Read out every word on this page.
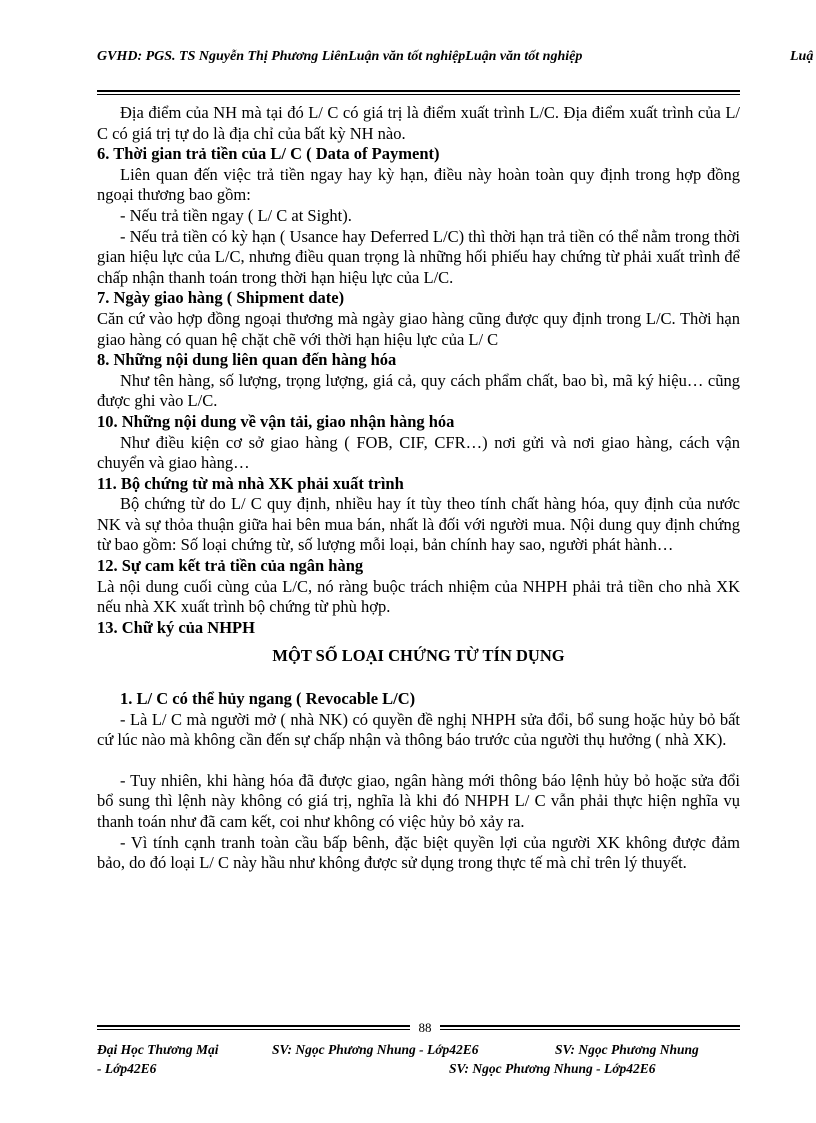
GVHD: PGS. TS Nguyễn Thị Phương LiênLuận văn tốt nghiệpLuận văn tốt nghiệp	Luậ

Địa điểm của NH mà tại đó L/ C có giá trị là điểm xuất trình L/C. Địa điểm xuất trình của L/ C có giá trị tự do là địa chỉ của bất kỳ NH nào.

6. Thời gian trả tiền của L/ C ( Data of Payment)

Liên quan đến việc trả tiền ngay hay kỳ hạn, điều này hoàn toàn quy định trong hợp đồng ngoại thương bao gồm:

- Nếu trả tiền ngay ( L/ C at Sight).

- Nếu trả tiền có kỳ hạn ( Usance hay Deferred L/C) thì thời hạn trả tiền có thể nằm trong thời gian hiệu lực của L/C, nhưng điều quan trọng là những hối phiếu hay chứng từ phải xuất trình để chấp nhận thanh toán trong thời hạn hiệu lực của L/C.

7. Ngày giao hàng ( Shipment date)

Căn cứ vào hợp đồng ngoại thương mà ngày giao hàng cũng được quy định trong L/C. Thời hạn giao hàng có quan hệ chặt chẽ với thời hạn hiệu lực của L/ C

8. Những nội dung liên quan đến hàng hóa

Như tên hàng, số lượng, trọng lượng, giá cả, quy cách phẩm chất, bao bì, mã ký hiệu… cũng được ghi vào L/C.

10. Những nội dung về vận tải, giao nhận hàng hóa

Như điều kiện cơ sở giao hàng ( FOB, CIF, CFR…) nơi gửi và nơi giao hàng, cách vận chuyển và giao hàng…

11. Bộ chứng từ mà nhà XK phải xuất trình

Bộ chứng từ do L/ C quy định, nhiều hay ít tùy theo tính chất hàng hóa, quy định của nước NK và sự thỏa thuận giữa hai bên mua bán, nhất là đối với người mua. Nội dung quy định chứng từ bao gồm: Số loại chứng từ, số lượng mỗi loại, bản chính hay sao, người phát hành…

12. Sự cam kết trả tiền của ngân hàng

Là nội dung cuối cùng của L/C, nó ràng buộc trách nhiệm của NHPH phải trả tiền cho nhà XK nếu nhà XK xuất trình bộ chứng từ phù hợp.

13. Chữ ký của NHPH

MỘT SỐ LOẠI CHỨNG TỪ TÍN DỤNG

1. L/ C có thể hủy ngang ( Revocable L/C)

- Là L/ C mà người mở ( nhà NK) có quyền đề nghị NHPH sửa đổi, bổ sung hoặc hủy bỏ bất cứ lúc nào mà không cần đến sự chấp nhận và thông báo trước của người thụ hưởng ( nhà XK).

- Tuy nhiên, khi hàng hóa đã được giao, ngân hàng mới thông báo lệnh hủy bỏ hoặc sửa đổi bổ sung thì lệnh này không có giá trị, nghĩa là khi đó NHPH L/ C vẫn phải thực hiện nghĩa vụ thanh toán như đã cam kết, coi như không có việc hủy bỏ xảy ra.

- Vì tính cạnh tranh toàn cầu bấp bênh, đặc biệt quyền lợi của người XK không được đảm bảo, do đó loại L/ C này hầu như không được sử dụng trong thực tế mà chỉ trên lý thuyết.

88
Đại Học Thương Mại	SV: Ngọc Phương Nhung - Lớp42E6	SV: Ngọc Phương Nhung
- Lớp42E6	SV: Ngọc Phương Nhung - Lớp42E6
